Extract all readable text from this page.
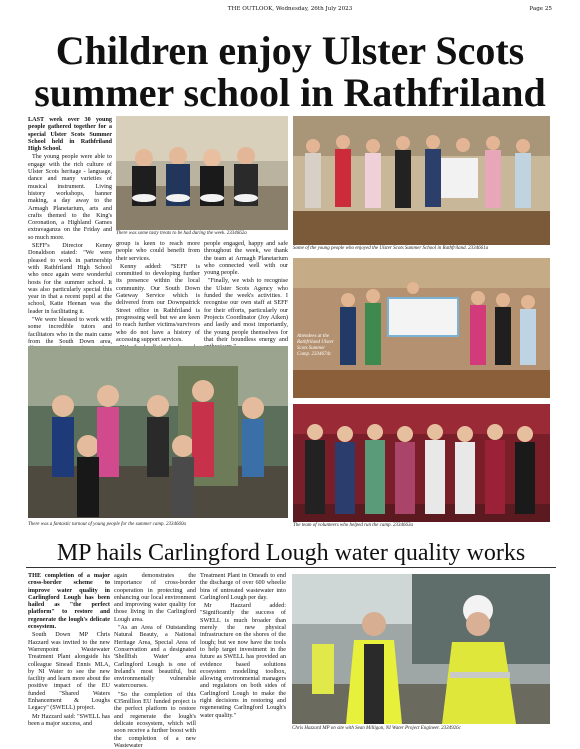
THE OUTLOOK, Wednesday, 26th July 2023	Page 25
Children enjoy Ulster Scots summer school in Rathfriland

LAST week over 30 young people gathered together for a special Ulster Scots Summer School held in Rathfriland High School.

The young people were able to engage with the rich culture of Ulster Scots heritage - language, dance and many varieties of musical instrument. Living history workshops, banner making, a day away to the Armagh Planetarium, arts and crafts themed to the King's Coronation, a Highland Games extravaganza on the Friday and so much more.

SEFF's Director Kenny Donaldson stated: "We were pleased to work in partnership with Rathfriland High School who once again were wonderful hosts for the summer school. It was also particularly special this year in that a recent pupil at the school, Katie Heenan was the leader in facilitating it.

"We were blessed to work with some incredible tutors and facilitators who in the main came from the South Down area,

There was some tasty treats to be had during the week. 2334662a

group is keen to reach more people who could benefit from their services.

Kenny added: "SEFF is committed to developing further its presence within the local community. Our South Down Gateway Service which is delivered from our Downpatrick Street office in Rathfriland is progressing well but we are keen to reach further victims/survivors who do not have a history of accessing support services.

people engaged, happy and safe throughout the week, we thank the team at Armagh Planetarium who connected well with our young people.

"Finally, we wish to recognise the Ulster Scots Agency who funded the week's activities. I recognise our own staff at SEFF for their efforts, particularly our Projects Coordinator (Joy Aiken) and lastly and most importantly, the young people themselves for that their boundless energy and

Some of the young people who enjoyed the Ulster Scots Summer School in Rathfriland. 2334661a
Attendees at the Rathfriland Ulster Scots Summer Camp. 2334674c
There was a fantastic turnout of young people for the summer camp. 2334660a	The team of volunteers who helped run the camp. 2334663a
MP hails Carlingford Lough water quality works

THE completion of a major cross-border scheme to improve water quality in Carlingford Lough has been hailed as "the perfect platform" to restore and regenerate the lough's delicate ecosystem.

South Down MP Chris Hazzard was invited to the new Warrenpoint Wastewater Treatment Plant alongside his colleague Sinead Ennis MLA, by NI Water to see the new facility and learn more about the positive impact of the EU funded "Shared Waters Enhancement & Loughs Legacy" (SWELL) project.

Mr Hazzard said: "SWELL has been a major success, and

again demonstrates the importance of cross-border cooperation in protecting and enhancing our local environment and improving water quality for those living in the Carlingford Lough area.

"As an Area of Outstanding Natural Beauty, a National Heritage Area, Special Area of Conservation and a designated 'Shellfish Water' area Carlingford Lough is one of Ireland's most beautiful, but environmentally vulnerable watercourses.

"So the completion of this €35million EU funded project is the perfect platform to restore and regenerate the lough's delicate ecosystem, which will soon receive a further boost with the completion of a new Wastewater

Treatment Plant in Omeath to end the discharge of over 600 wheelie bins of untreated wastewater into Carlingford Lough per day.

Mr Hazzard added: "Significantly the success of SWELL is much broader than merely the new physical infrastructure on the shores of the lough; but we now have the tools to help target investment in the future as SWELL has provided an evidence based solutions ecosystem modelling toolbox, allowing environmental managers and regulators on both sides of Carlingford Lough to make the right decisions in restoring and regenerating Carlingford Lough's water quality."

Chris Hazzard MP on site with Sean Milligan, NI Water Project Engineer. 2334926c
